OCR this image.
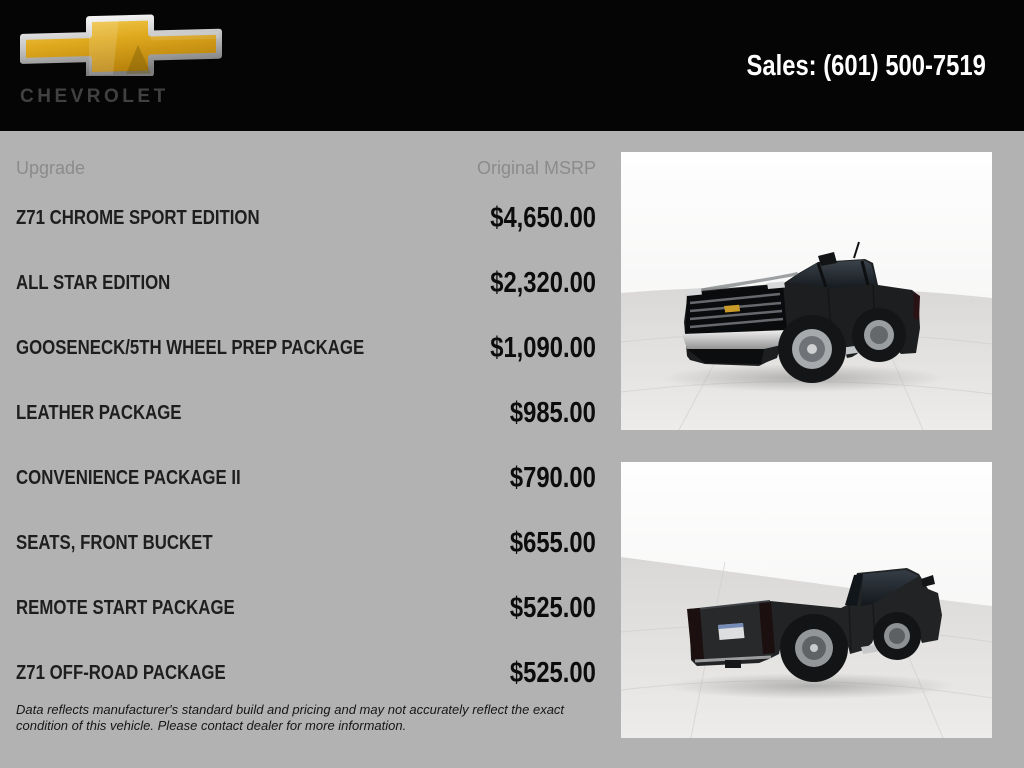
CHEVROLET
Sales: (601) 500-7519
Upgrade	Original MSRP
Z71 CHROME SPORT EDITION	$4,650.00
ALL STAR EDITION	$2,320.00
GOOSENECK/5TH WHEEL PREP PACKAGE	$1,090.00
LEATHER PACKAGE	$985.00
CONVENIENCE PACKAGE II	$790.00
SEATS, FRONT BUCKET	$655.00
REMOTE START PACKAGE	$525.00
Z71 OFF-ROAD PACKAGE	$525.00
Data reflects manufacturer's standard build and pricing and may not accurately reflect the exact condition of this vehicle. Please contact dealer for more information.
